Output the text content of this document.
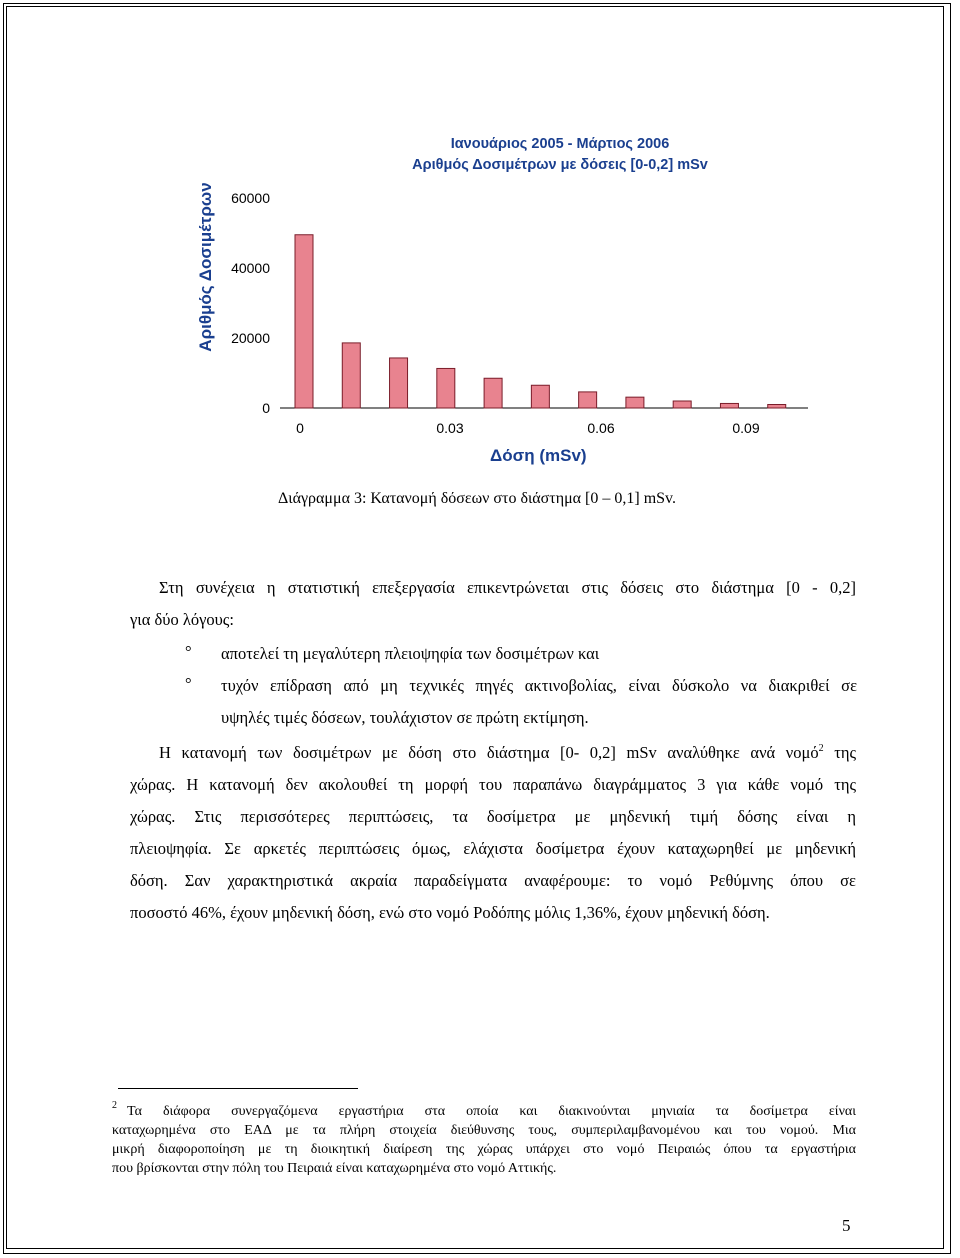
Ιανουάριος 2005 - Μάρτιος 2006
Αριθμός Δοσιμέτρων με δόσεις [0-0,2] mSv
60000
40000
20000
0
0	0.03	0.06	0.09
Αριθμός Δοσιμέτρων
Δόση (mSv)
Διάγραμμα 3: Κατανομή δόσεων στο διάστημα [0 – 0,1] mSv.

Στη συνέχεια η στατιστική επεξεργασία επικεντρώνεται στις δόσεις στο διάστημα [0 - 0,2]
για δύο λόγους:

° αποτελεί τη μεγαλύτερη πλειοψηφία των δοσιμέτρων και
° τυχόν επίδραση από μη τεχνικές πηγές ακτινοβολίας, είναι δύσκολο να διακριθεί σε
υψηλές τιμές δόσεων, τουλάχιστον σε πρώτη εκτίμηση.
Η κατανομή των δοσιμέτρων με δόση στο διάστημα [0- 0,2] mSv αναλύθηκε ανά νομό$^2$ της
χώρας. Η κατανομή δεν ακολουθεί τη μορφή του παραπάνω διαγράμματος 3 για κάθε νομό της
χώρας. Στις περισσότερες περιπτώσεις, τα δοσίμετρα με μηδενική τιμή δόσης είναι η
πλειοψηφία. Σε αρκετές περιπτώσεις όμως, ελάχιστα δοσίμετρα έχουν καταχωρηθεί με μηδενική
δόση. Σαν χαρακτηριστικά ακραία παραδείγματα αναφέρουμε: το νομό Ρεθύμνης όπου σε
ποσοστό 46%, έχουν μηδενική δόση, ενώ στο νομό Ροδόπης μόλις 1,36%, έχουν μηδενική δόση.
$^2$ Τα διάφορα συνεργαζόμενα εργαστήρια στα οποία και διακινούνται μηνιαία τα δοσίμετρα είναι
καταχωρημένα στο ΕΑΔ με τα πλήρη στοιχεία διεύθυνσης τους, συμπεριλαμβανομένου και του νομού. Μια
μικρή διαφοροποίηση με τη διοικητική διαίρεση της χώρας υπάρχει στο νομό Πειραιώς όπου τα εργαστήρια
που βρίσκονται στην πόλη του Πειραιά είναι καταχωρημένα στο νομό Αττικής.
5
